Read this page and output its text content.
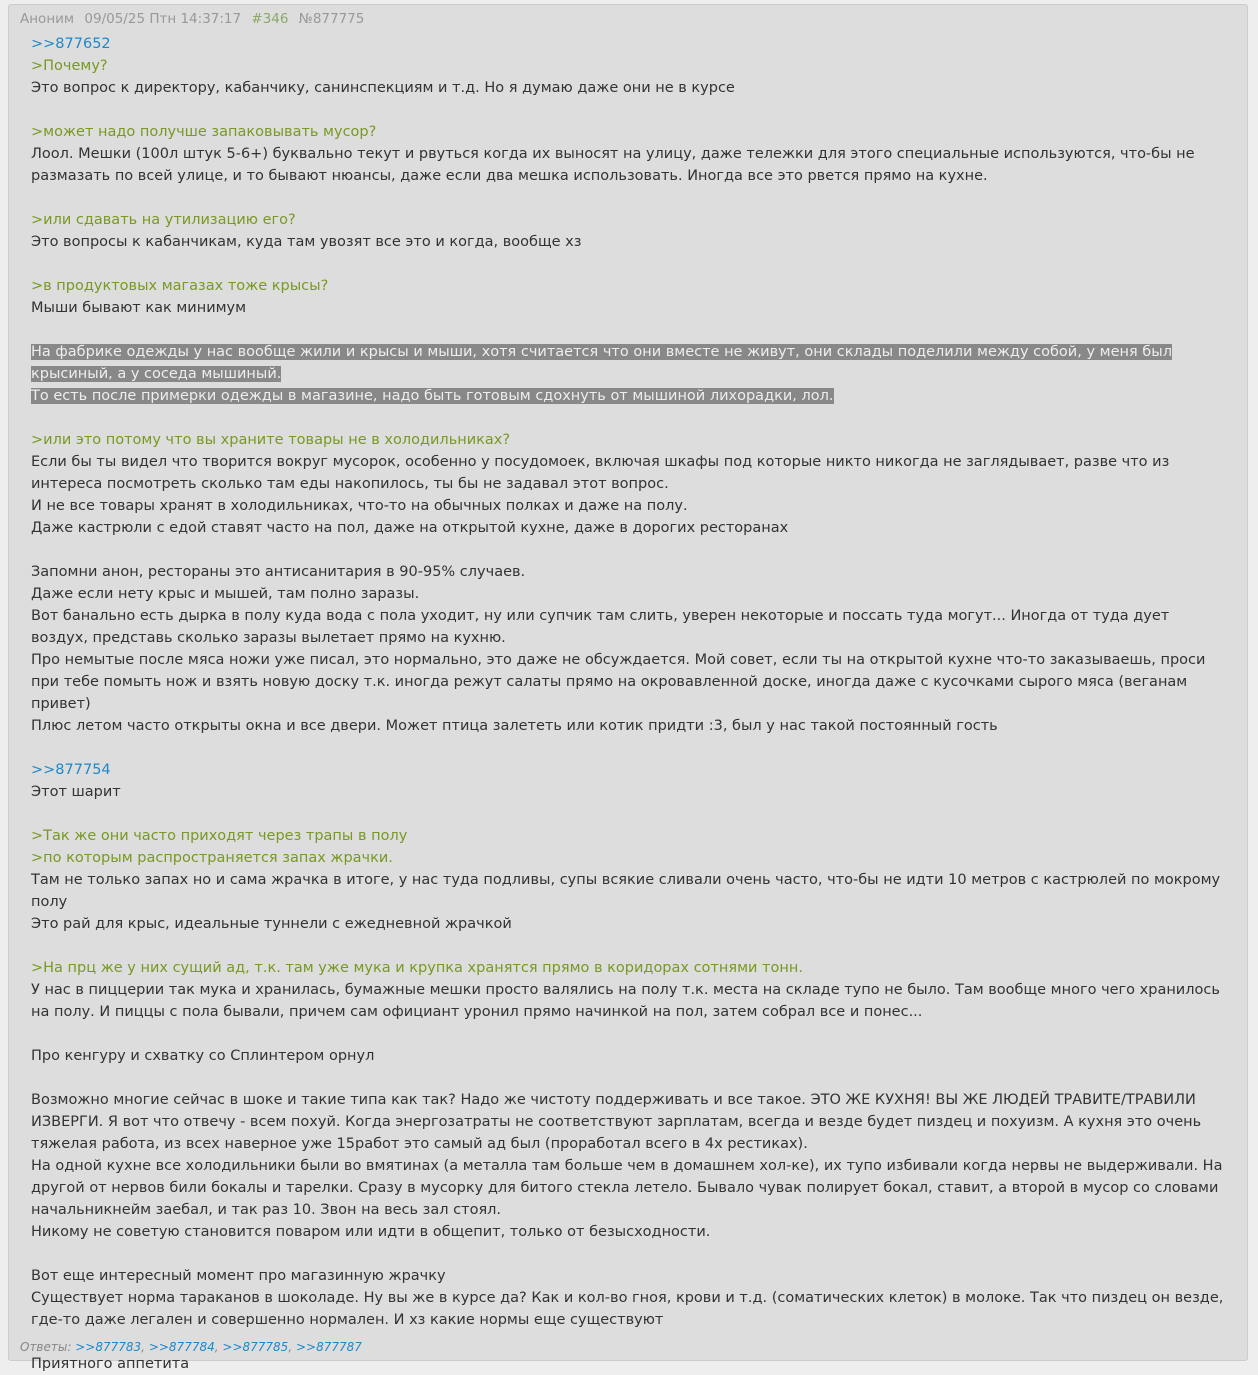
Аноним 09/05/25 Птн 14:37:17 #346 №877775
>>877652
>Почему?
Это вопрос к директору, кабанчику, санинспекциям и т.д. Но я думаю даже они не в курсе
>может надо получше запаковывать мусор?
Лоол. Мешки (100л штук 5-6+) буквально текут и рвуться когда их выносят на улицу, даже тележки для этого специальные используются, что-бы не размазать по всей улице, и то бывают нюансы, даже если два мешка использовать. Иногда все это рвется прямо на кухне.
>или сдавать на утилизацию его?
Это вопросы к кабанчикам, куда там увозят все это и когда, вообще хз
>в продуктовых магазах тоже крысы?
Мыши бывают как минимум
На фабрике одежды у нас вообще жили и крысы и мыши, хотя считается что они вместе не живут, они склады поделили между собой, у меня был крысиный, а у соседа мышиный.
То есть после примерки одежды в магазине, надо быть готовым сдохнуть от мышиной лихорадки, лол.
>или это потому что вы храните товары не в холодильниках?
Если бы ты видел что творится вокруг мусорок, особенно у посудомоек, включая шкафы под которые никто никогда не заглядывает, разве что из интереса посмотреть сколько там еды накопилось, ты бы не задавал этот вопрос.
И не все товары хранят в холодильниках, что-то на обычных полках и даже на полу.
Даже кастрюли с едой ставят часто на пол, даже на открытой кухне, даже в дорогих ресторанах
Запомни анон, рестораны это антисанитария в 90-95% случаев.
Даже если нету крыс и мышей, там полно заразы.
Вот банально есть дырка в полу куда вода с пола уходит, ну или супчик там слить, уверен некоторые и поссать туда могут... Иногда от туда дует воздух, представь сколько заразы вылетает прямо на кухню.
Про немытые после мяса ножи уже писал, это нормально, это даже не обсуждается. Мой совет, если ты на открытой кухне что-то заказываешь, проси при тебе помыть нож и взять новую доску т.к. иногда режут салаты прямо на окровавленной доске, иногда даже с кусочками сырого мяса (веганам привет)
Плюс летом часто открыты окна и все двери. Может птица залететь или котик придти :3, был у нас такой постоянный гость
>>877754
Этот шарит
>Так же они часто приходят через трапы в полу
>по которым распространяется запах жрачки.
Там не только запах но и сама жрачка в итоге, у нас туда подливы, супы всякие сливали очень часто, что-бы не идти 10 метров с кастрюлей по мокрому полу
Это рай для крыс, идеальные туннели с ежедневной жрачкой
>На прц же у них сущий ад, т.к. там уже мука и крупка хранятся прямо в коридорах сотнями тонн.
У нас в пиццерии так мука и хранилась, бумажные мешки просто валялись на полу т.к. места на складе тупо не было. Там вообще много чего хранилось на полу. И пиццы с пола бывали, причем сам официант уронил прямо начинкой на пол, затем собрал все и понес...
Про кенгуру и схватку со Сплинтером орнул
Возможно многие сейчас в шоке и такие типа как так? Надо же чистоту поддерживать и все такое. ЭТО ЖЕ КУХНЯ! ВЫ ЖЕ ЛЮДЕЙ ТРАВИТЕ/ТРАВИЛИ ИЗВЕРГИ. Я вот что отвечу - всем похуй. Когда энергозатраты не соответствуют зарплатам, всегда и везде будет пиздец и похуизм. А кухня это очень тяжелая работа, из всех наверное уже 15работ это самый ад был (проработал всего в 4х рестиках).
На одной кухне все холодильники были во вмятинах (а металла там больше чем в домашнем хол-ке), их тупо избивали когда нервы не выдерживали. На другой от нервов били бокалы и тарелки. Сразу в мусорку для битого стекла летело. Бывало чувак полирует бокал, ставит, а второй в мусор со словами начальникнейм заебал, и так раз 10. Звон на весь зал стоял.
Никому не советую становится поваром или идти в общепит, только от безысходности.
Вот еще интересный момент про магазинную жрачку
Существует норма тараканов в шоколаде. Ну вы же в курсе да? Как и кол-во гноя, крови и т.д. (соматических клеток) в молоке. Так что пиздец он везде, где-то даже легален и совершенно нормален. И хз какие нормы еще существуют
Приятного аппетита
Ответы: >>877783, >>877784, >>877785, >>877787
